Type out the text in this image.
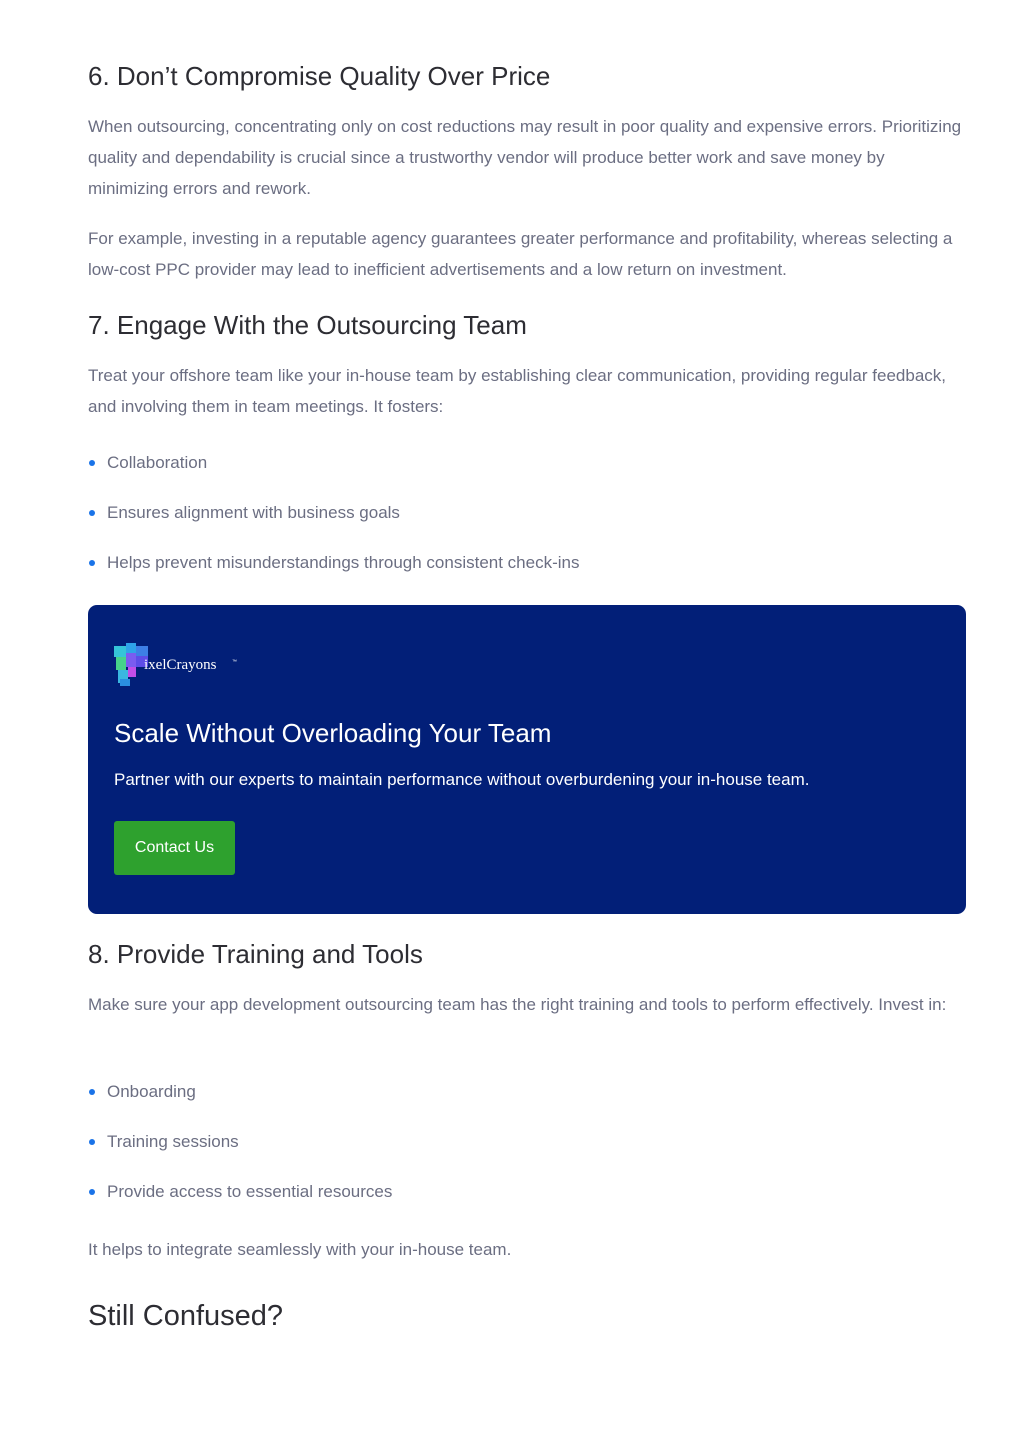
6. Don’t Compromise Quality Over Price

When outsourcing, concentrating only on cost reductions may result in poor quality and expensive errors. Prioritizing quality and dependability is crucial since a trustworthy vendor will produce better work and save money by minimizing errors and rework.

For example, investing in a reputable agency guarantees greater performance and profitability, whereas selecting a low-cost PPC provider may lead to inefficient advertisements and a low return on investment.

7. Engage With the Outsourcing Team

Treat your offshore team like your in-house team by establishing clear communication, providing regular feedback, and involving them in team meetings. It fosters:

Collaboration
Ensures alignment with business goals
Helps prevent misunderstandings through consistent check-ins
ixelCrayons	™
Scale Without Overloading Your Team

Partner with our experts to maintain performance without overburdening your in-house team.

Contact Us
8. Provide Training and Tools

Make sure your app development outsourcing team has the right training and tools to perform effectively. Invest in:

Onboarding
Training sessions
Provide access to essential resources

It helps to integrate seamlessly with your in-house team.

Still Confused?
